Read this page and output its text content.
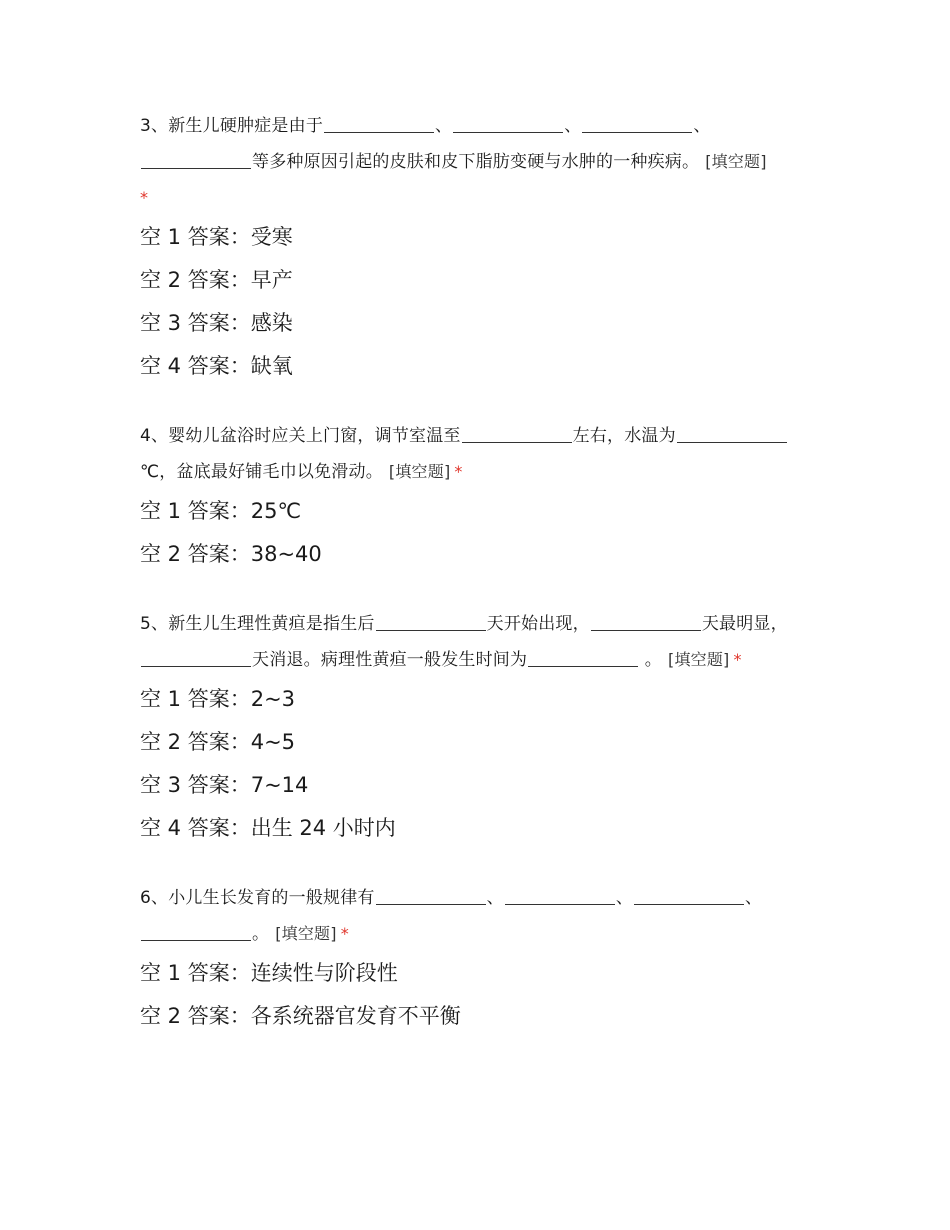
3、新生儿硬肿症是由于	、	、	、等多种原因引起的皮肤和皮下脂肪变硬与水肿的一种疾病。 [填空题]
*
空 1 答案：受寒
空 2 答案：早产
空 3 答案：感染
空 4 答案：缺氧
4、婴幼儿盆浴时应关上门窗，调节室温至	左右，水温为℃，盆底最好铺毛巾以免滑动。 [填空题] *
空 1 答案：25℃
空 2 答案：38~40
5、新生儿生理性黄疸是指生后	天开始出现，	天最明显，天消退。病理性黄疸一般发生时间为	。 [填空题] *
空 1 答案：2~3
空 2 答案：4~5
空 3 答案：7~14
空 4 答案：出生 24 小时内
6、小儿生长发育的一般规律有	、	、	、。 [填空题] *
空 1 答案：连续性与阶段性
空 2 答案：各系统器官发育不平衡
